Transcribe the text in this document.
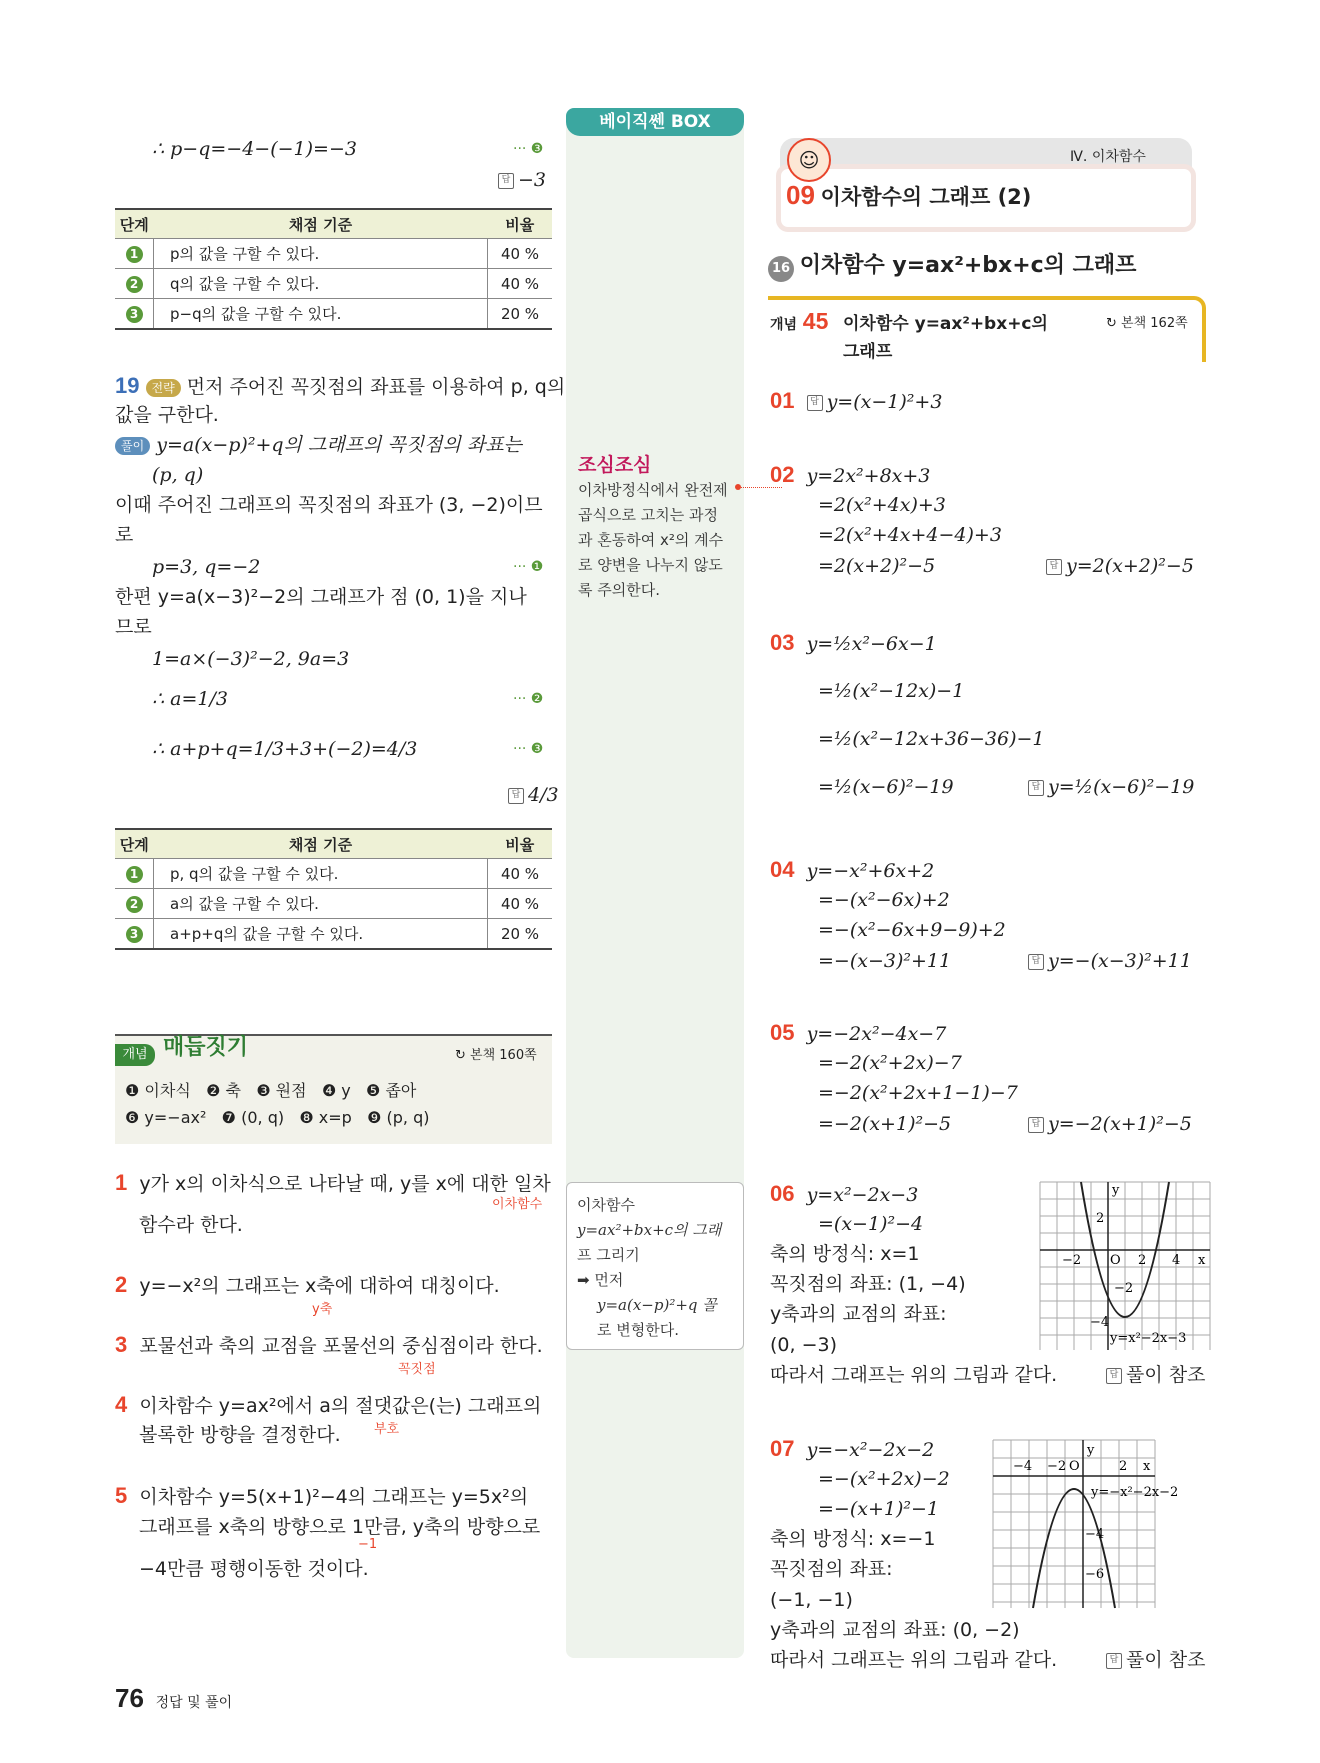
∴ p−q=−4−(−1)=−3	··· ❸
답 −3
단계	채점 기준	비율
1	p의 값을 구할 수 있다.	40 %
2	q의 값을 구할 수 있다.	40 %
3	p−q의 값을 구할 수 있다.	20 %
19 전략 먼저 주어진 꼭짓점의 좌표를 이용하여 p, q의
값을 구한다.
풀이 y=a(x−p)²+q의 그래프의 꼭짓점의 좌표는
(p, q)
이때 주어진 그래프의 꼭짓점의 좌표가 (3, −2)이므
로
p=3, q=−2	··· ❶
한편 y=a(x−3)²−2의 그래프가 점 (0, 1)을 지나
므로
1=a×(−3)²−2, 9a=3
∴ a=1/3	··· ❷
∴ a+p+q=1/3+3+(−2)=4/3	··· ❸
답 4/3
단계	채점 기준	비율
1	p, q의 값을 구할 수 있다.	40 %
2	a의 값을 구할 수 있다.	40 %
3	a+p+q의 값을 구할 수 있다.	20 %
개념 매듭짓기	↻ 본책 160쪽
❶ 이차식 ❷ 축 ❸ 원점 ❹ y ❺ 좁아
❻ y=−ax² ❼ (0, q) ❽ x=p ❾ (p, q)
1 y가 x의 이차식으로 나타날 때, y를 x에 대한 일차
이차함수
함수라 한다.
2 y=−x²의 그래프는 x축에 대하여 대칭이다.
y축
3 포물선과 축의 교점을 포물선의 중심점이라 한다.
꼭짓점
4 이차함수 y=ax²에서 a의 절댓값은(는) 그래프의
부호
볼록한 방향을 결정한다.
5 이차함수 y=5(x+1)²−4의 그래프는 y=5x²의
그래프를 x축의 방향으로 1만큼, y축의 방향으로
−1
−4만큼 평행이동한 것이다.
76 정답 및 풀이
베이직쎈 BOX
조심조심
이차방정식에서 완전제
곱식으로 고치는 과정
과 혼동하여 x²의 계수
로 양변을 나누지 않도
록 주의한다.
이차함수
y=ax²+bx+c의 그래
프 그리기
➡ 먼저
y=a(x−p)²+q 꼴
로 변형한다.
Ⅳ. 이차함수
09 이차함수의 그래프 (2)
☺
16 이차함수 y=ax²+bx+c의 그래프
개념 45 이차함수 y=ax²+bx+c의
그래프
↻ 본책 162쪽
01 답 y=(x−1)²+3
02 y=2x²+8x+3
=2(x²+4x)+3
=2(x²+4x+4−4)+3
=2(x+2)²−5	답 y=2(x+2)²−5
03 y=½x²−6x−1
=½(x²−12x)−1
=½(x²−12x+36−36)−1
=½(x−6)²−19	답 y=½(x−6)²−19
04 y=−x²+6x+2
=−(x²−6x)+2
=−(x²−6x+9−9)+2
=−(x−3)²+11	답 y=−(x−3)²+11
05 y=−2x²−4x−7
=−2(x²+2x)−7
=−2(x²+2x+1−1)−7
=−2(x+1)²−5	답 y=−2(x+1)²−5
06 y=x²−2x−3
=(x−1)²−4
축의 방정식: x=1
꼭짓점의 좌표: (1, −4)
y축과의 교점의 좌표:
(0, −3)
따라서 그래프는 위의 그림과 같다.	답 풀이 참조
−2 O 2 4 x
y
2
−2
−4
y=x²−2x−3
07 y=−x²−2x−2
=−(x²+2x)−2
=−(x+1)²−1
축의 방정식: x=−1
꼭짓점의 좌표:
(−1, −1)
y축과의 교점의 좌표: (0, −2)
따라서 그래프는 위의 그림과 같다.	답 풀이 참조
−4 −2 O	2 x
y
−4
−6
y=−x²−2x−2
